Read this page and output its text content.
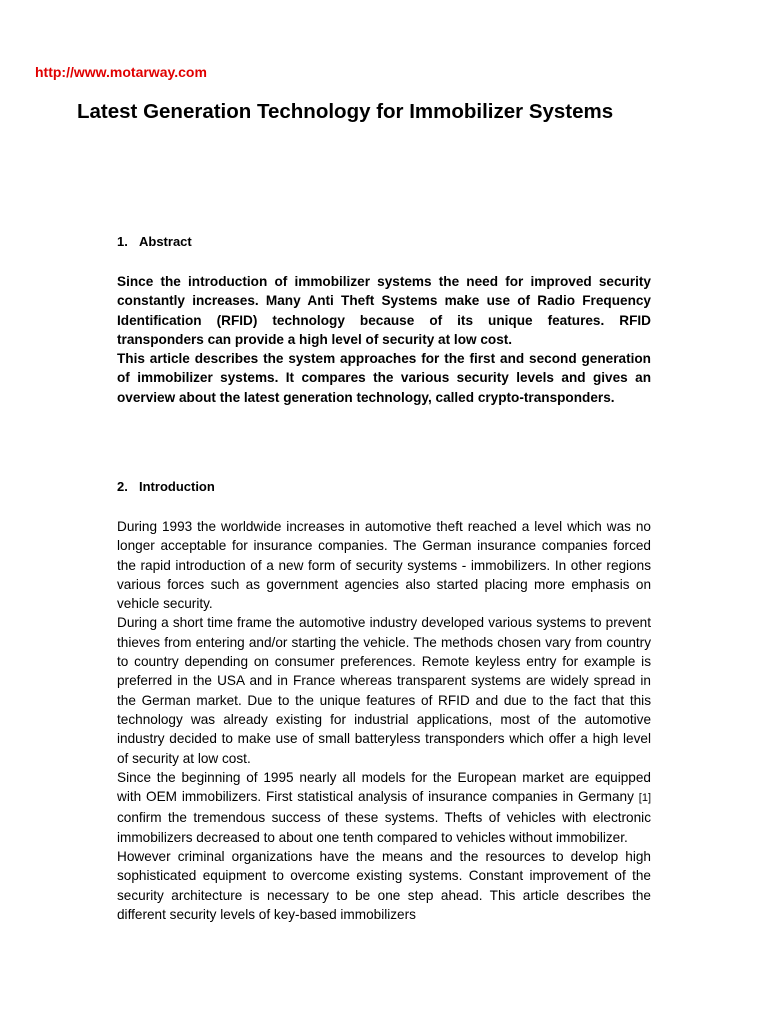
http://www.motarway.com
Latest Generation Technology for Immobilizer Systems
1. Abstract

Since the introduction of immobilizer systems the need for improved security constantly increases. Many Anti Theft Systems make use of Radio Frequency Identification (RFID) technology because of its unique features. RFID transponders can provide a high level of security at low cost.

This article describes the system approaches for the first and second generation of immobilizer systems. It compares the various security levels and gives an overview about the latest generation technology, called crypto-transponders.

2. Introduction

During 1993 the worldwide increases in automotive theft reached a level which was no longer acceptable for insurance companies. The German insurance companies forced the rapid introduction of a new form of security systems - immobilizers. In other regions various forces such as government agencies also started placing more emphasis on vehicle security.

During a short time frame the automotive industry developed various systems to prevent thieves from entering and/or starting the vehicle. The methods chosen vary from country to country depending on consumer preferences. Remote keyless entry for example is preferred in the USA and in France whereas transparent systems are widely spread in the German market. Due to the unique features of RFID and due to the fact that this technology was already existing for industrial applications, most of the automotive industry decided to make use of small batteryless transponders which offer a high level of security at low cost.

Since the beginning of 1995 nearly all models for the European market are equipped with OEM immobilizers. First statistical analysis of insurance companies in Germany [1] confirm the tremendous success of these systems. Thefts of vehicles with electronic immobilizers decreased to about one tenth compared to vehicles without immobilizer.

However criminal organizations have the means and the resources to develop high sophisticated equipment to overcome existing systems. Constant improvement of the security architecture is necessary to be one step ahead. This article describes the different security levels of key-based immobilizers
